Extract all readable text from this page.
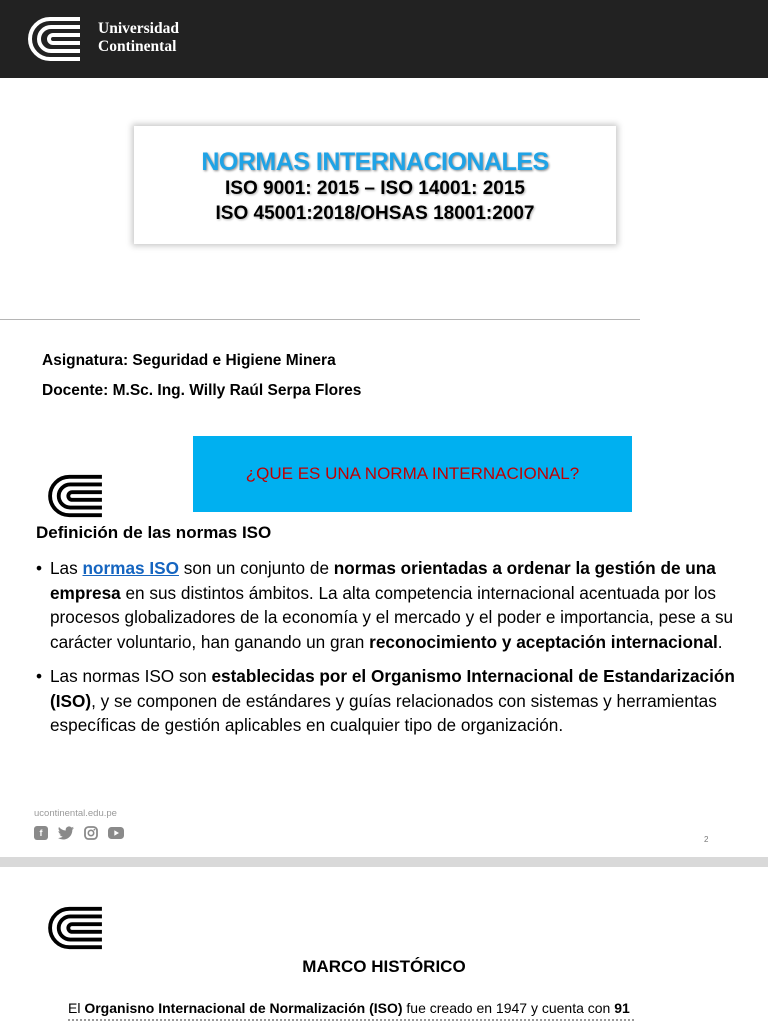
Universidad
Continental
NORMAS INTERNACIONALES
ISO 9001: 2015 – ISO 14001: 2015
ISO 45001:2018/OHSAS 18001:2007
Asignatura: Seguridad e Higiene Minera
Docente: M.Sc. Ing. Willy Raúl Serpa Flores
¿QUE ES UNA NORMA INTERNACIONAL?
Definición de las normas ISO
• Las normas ISO son un conjunto de normas orientadas a ordenar la gestión de una empresa en sus distintos ámbitos. La alta competencia internacional acentuada por los procesos globalizadores de la economía y el mercado y el poder e importancia, pese a su carácter voluntario, han ganando un gran reconocimiento y aceptación internacional.
• Las normas ISO son establecidas por el Organismo Internacional de Estandarización (ISO), y se componen de estándares y guías relacionados con sistemas y herramientas específicas de gestión aplicables en cualquier tipo de organización.
ucontinental.edu.pe
f
2
MARCO HISTÓRICO
El Organisno Internacional de Normalización (ISO) fue creado en 1947 y cuenta con 91
